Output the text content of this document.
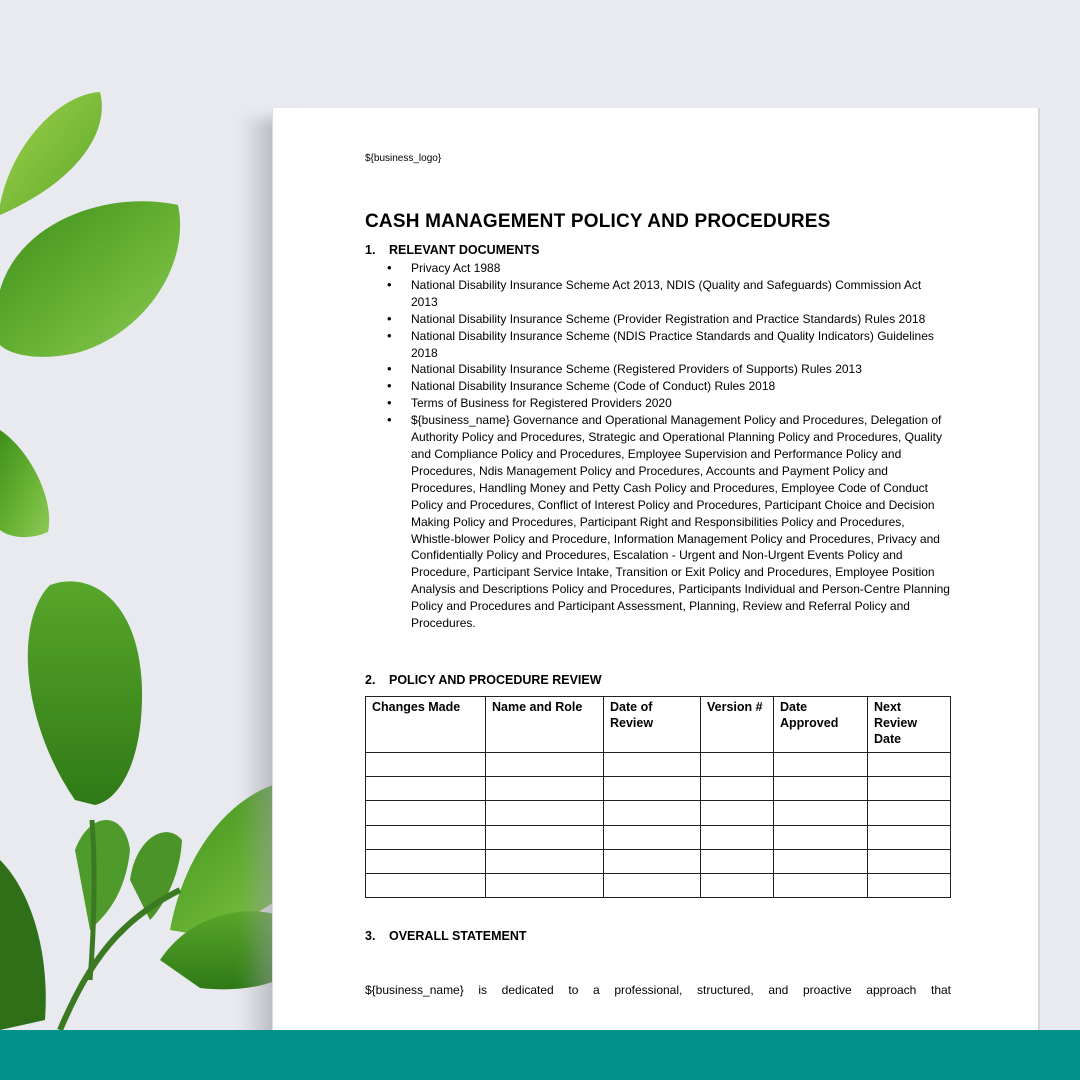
${business_logo}
CASH MANAGEMENT POLICY AND PROCEDURES
1.	RELEVANT DOCUMENTS
• Privacy Act 1988
• National Disability Insurance Scheme Act 2013, NDIS (Quality and Safeguards) Commission Act 2013
• National Disability Insurance Scheme (Provider Registration and Practice Standards) Rules 2018
• National Disability Insurance Scheme (NDIS Practice Standards and Quality Indicators) Guidelines 2018
• National Disability Insurance Scheme (Registered Providers of Supports) Rules 2013
• National Disability Insurance Scheme (Code of Conduct) Rules 2018
• Terms of Business for Registered Providers 2020
• ${business_name} Governance and Operational Management Policy and Procedures, Delegation of Authority Policy and Procedures, Strategic and Operational Planning Policy and Procedures, Quality and Compliance Policy and Procedures, Employee Supervision and Performance Policy and Procedures, Ndis Management Policy and Procedures, Accounts and Payment Policy and Procedures, Handling Money and Petty Cash Policy and Procedures, Employee Code of Conduct Policy and Procedures, Conflict of Interest Policy and Procedures, Participant Choice and Decision Making Policy and Procedures, Participant Right and Responsibilities Policy and Procedures, Whistle-blower Policy and Procedure, Information Management Policy and Procedures, Privacy and Confidentially Policy and Procedures, Escalation - Urgent and Non-Urgent Events Policy and Procedure, Participant Service Intake, Transition or Exit Policy and Procedures, Employee Position Analysis and Descriptions Policy and Procedures, Participants Individual and Person-Centre Planning Policy and Procedures and Participant Assessment, Planning, Review and Referral Policy and Procedures.
2.	POLICY AND PROCEDURE REVIEW
Changes Made	Name and Role	Date of Review	Version #	Date Approved	Next Review Date

3.	OVERALL STATEMENT

${business_name} is dedicated to a professional, structured, and proactive approach that
